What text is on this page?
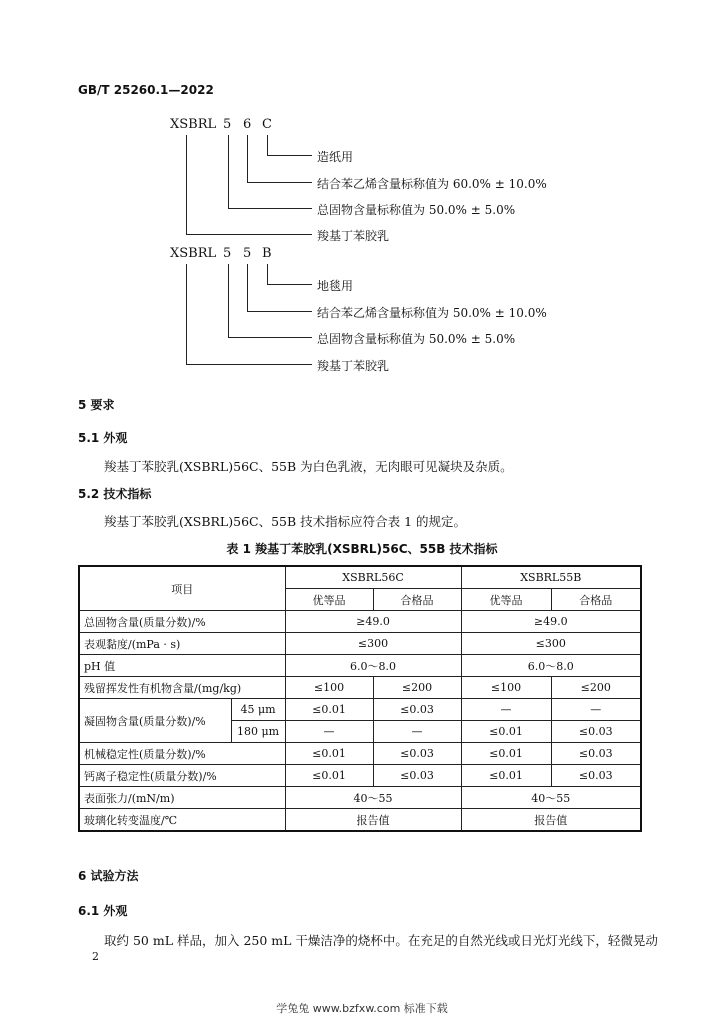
GB/T 25260.1—2022
XSBRL 5 6 C
造纸用
结合苯乙烯含量标称值为 60.0% ± 10.0%
总固物含量标称值为 50.0% ± 5.0%
羧基丁苯胶乳
XSBRL 5 5 B
地毯用
结合苯乙烯含量标称值为 50.0% ± 10.0%
总固物含量标称值为 50.0% ± 5.0%
羧基丁苯胶乳
5 要求
5.1 外观
羧基丁苯胶乳(XSBRL)56C、55B 为白色乳液，无肉眼可见凝块及杂质。
5.2 技术指标
羧基丁苯胶乳(XSBRL)56C、55B 技术指标应符合表 1 的规定。
表 1 羧基丁苯胶乳(XSBRL)56C、55B 技术指标
项目		XSBRL56C		XSBRL55B	
		优等品	合格品	优等品	合格品
总固物含量(质量分数)/%		≥49.0		≥49.0	
表观黏度/(mPa · s)		≤300		≤300	
pH 值		6.0～8.0		6.0～8.0	
残留挥发性有机物含量/(mg/kg)		≤100	≤200	≤100	≤200
凝固物含量(质量分数)/%	45 μm	≤0.01	≤0.03	—	—
	180 μm	—	—	≤0.01	≤0.03
机械稳定性(质量分数)/%		≤0.01	≤0.03	≤0.01	≤0.03
钙离子稳定性(质量分数)/%		≤0.01	≤0.03	≤0.01	≤0.03
表面张力/(mN/m)		40～55		40～55	
玻璃化转变温度/℃		报告值		报告值	
6 试验方法
6.1 外观
取约 50 mL 样品，加入 250 mL 干燥洁净的烧杯中。在充足的自然光线或日光灯光线下，轻微晃动
2
学兔兔 www.bzfxw.com 标准下载
